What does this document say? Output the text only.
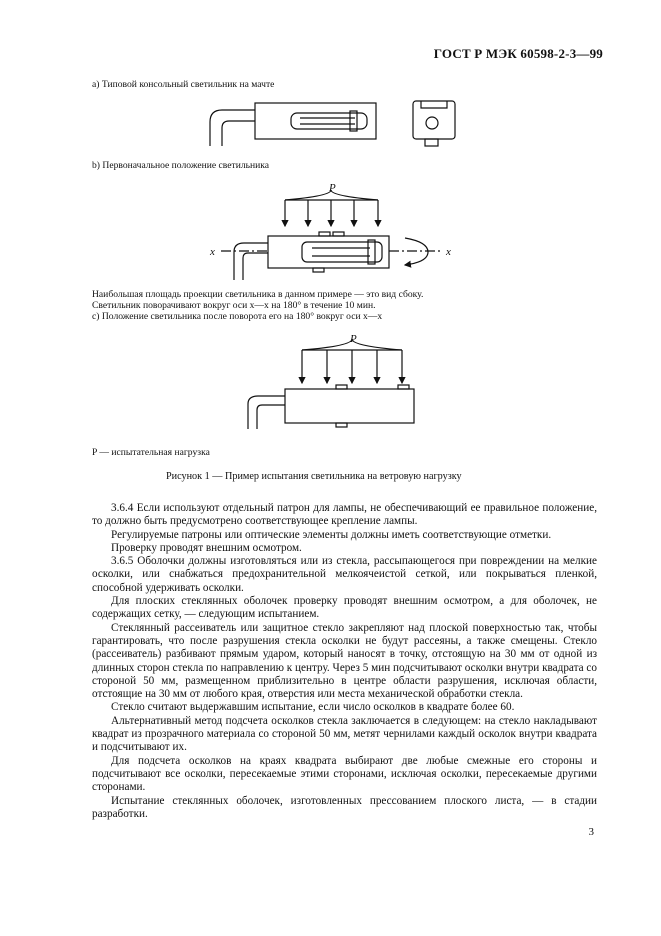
ГОСТ Р МЭК 60598-2-3—99
a) Типовой консольный светильник на мачте
b) Первоначальное положение светильника
Наибольшая площадь проекции светильника в данном примере — это вид сбоку.
Светильник поворачивают вокруг оси x—x на 180° в течение 10 мин.
c) Положение светильника после поворота его на 180° вокруг оси x—x
P — испытательная нагрузка
Рисунок 1 — Пример испытания светильника на ветровую нагрузку
P
P
x	x

3.6.4 Если используют отдельный патрон для лампы, не обеспечивающий ее правильное положение, то должно быть предусмотрено соответствующее крепление лампы.

Регулируемые патроны или оптические элементы должны иметь соответствующие отметки.

Проверку проводят внешним осмотром.

3.6.5 Оболочки должны изготовляться или из стекла, рассыпающегося при повреждении на мелкие осколки, или снабжаться предохранительной мелкоячеистой сеткой, или покрываться пленкой, способной удерживать осколки.

Для плоских стеклянных оболочек проверку проводят внешним осмотром, а для оболочек, не содержащих сетку, — следующим испытанием.

Стеклянный рассеиватель или защитное стекло закрепляют над плоской поверхностью так, чтобы гарантировать, что после разрушения стекла осколки не будут рассеяны, а также смещены. Стекло (рассеиватель) разбивают прямым ударом, который наносят в точку, отстоящую на 30 мм от одной из длинных сторон стекла по направлению к центру. Через 5 мин подсчитывают осколки внутри квадрата со стороной 50 мм, размещенном приблизительно в центре области разрушения, исключая области, отстоящие на 30 мм от любого края, отверстия или места механической обработки стекла.

Стекло считают выдержавшим испытание, если число осколков в квадрате более 60.

Альтернативный метод подсчета осколков стекла заключается в следующем: на стекло накладывают квадрат из прозрачного материала со стороной 50 мм, метят чернилами каждый осколок внутри квадрата и подсчитывают их.

Для подсчета осколков на краях квадрата выбирают две любые смежные его стороны и подсчитывают все осколки, пересекаемые этими сторонами, исключая осколки, пересекаемые другими сторонами.

Испытание стеклянных оболочек, изготовленных прессованием плоского листа, — в стадии разработки.

3
